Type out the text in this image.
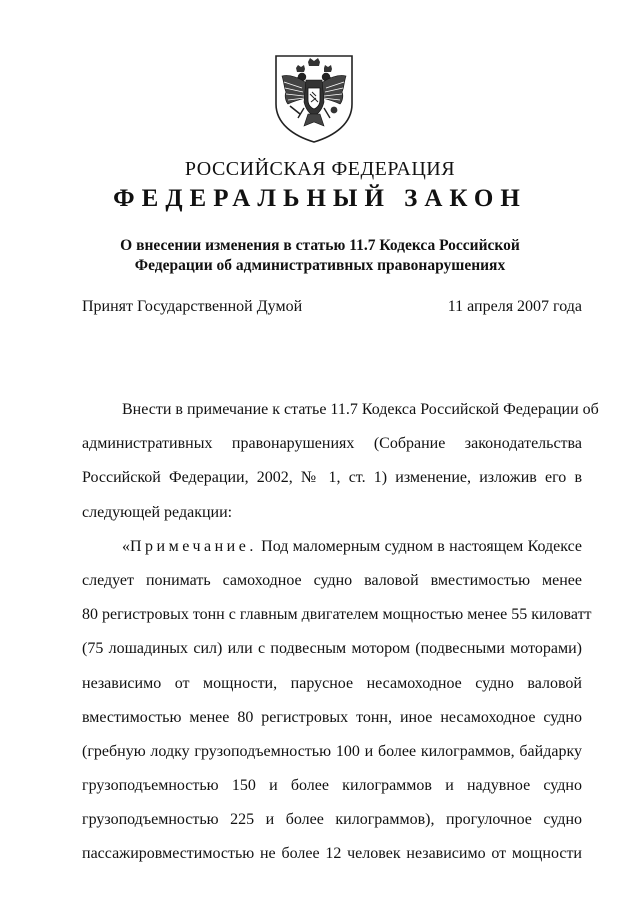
РОССИЙСКАЯ ФЕДЕРАЦИЯ
ФЕДЕРАЛЬНЫЙ ЗАКОН
О внесении изменения в статью 11.7 Кодекса Российской
Федерации об административных правонарушениях
Принят Государственной Думой	11 апреля 2007 года
Внести в примечание к статье 11.7 Кодекса Российской Федерации об
административных правонарушениях (Собрание законодательства
Российской Федерации, 2002, № 1, ст. 1) изменение, изложив его в
следующей редакции:
«Примечание. Под маломерным судном в настоящем Кодексе
следует понимать самоходное судно валовой вместимостью менее
80 регистровых тонн с главным двигателем мощностью менее 55 киловатт
(75 лошадиных сил) или с подвесным мотором (подвесными моторами)
независимо от мощности, парусное несамоходное судно валовой
вместимостью менее 80 регистровых тонн, иное несамоходное судно
(гребную лодку грузоподъемностью 100 и более килограммов, байдарку
грузоподъемностью 150 и более килограммов и надувное судно
грузоподъемностью 225 и более килограммов), прогулочное судно
пассажировместимостью не более 12 человек независимо от мощности
